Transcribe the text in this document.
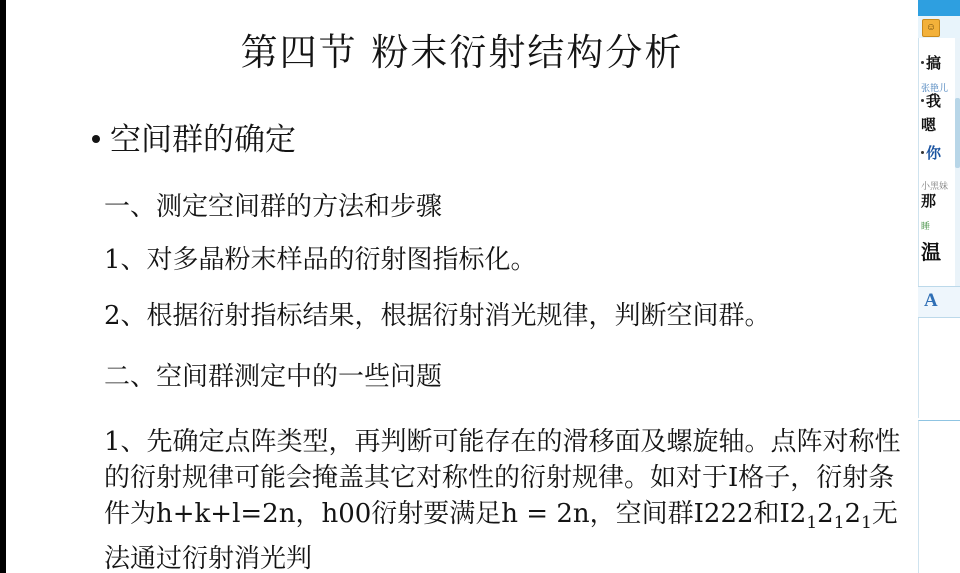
第四节 粉末衍射结构分析
空间群的确定
一、测定空间群的方法和步骤
1、对多晶粉末样品的衍射图指标化。
2、根据衍射指标结果，根据衍射消光规律，判断空间群。
二、空间群测定中的一些问题
1、先确定点阵类型，再判断可能存在的滑移面及螺旋轴。点阵对称性的衍射规律可能会掩盖其它对称性的衍射规律。如对于I格子，衍射条件为h+k+l=2n，h00衍射要满足h = 2n，空间群I222和$I2_12_12_1$无法通过衍射消光判
☺
搞
张艳儿
我
嗯
你
小黑妹
那
睡
温
A
